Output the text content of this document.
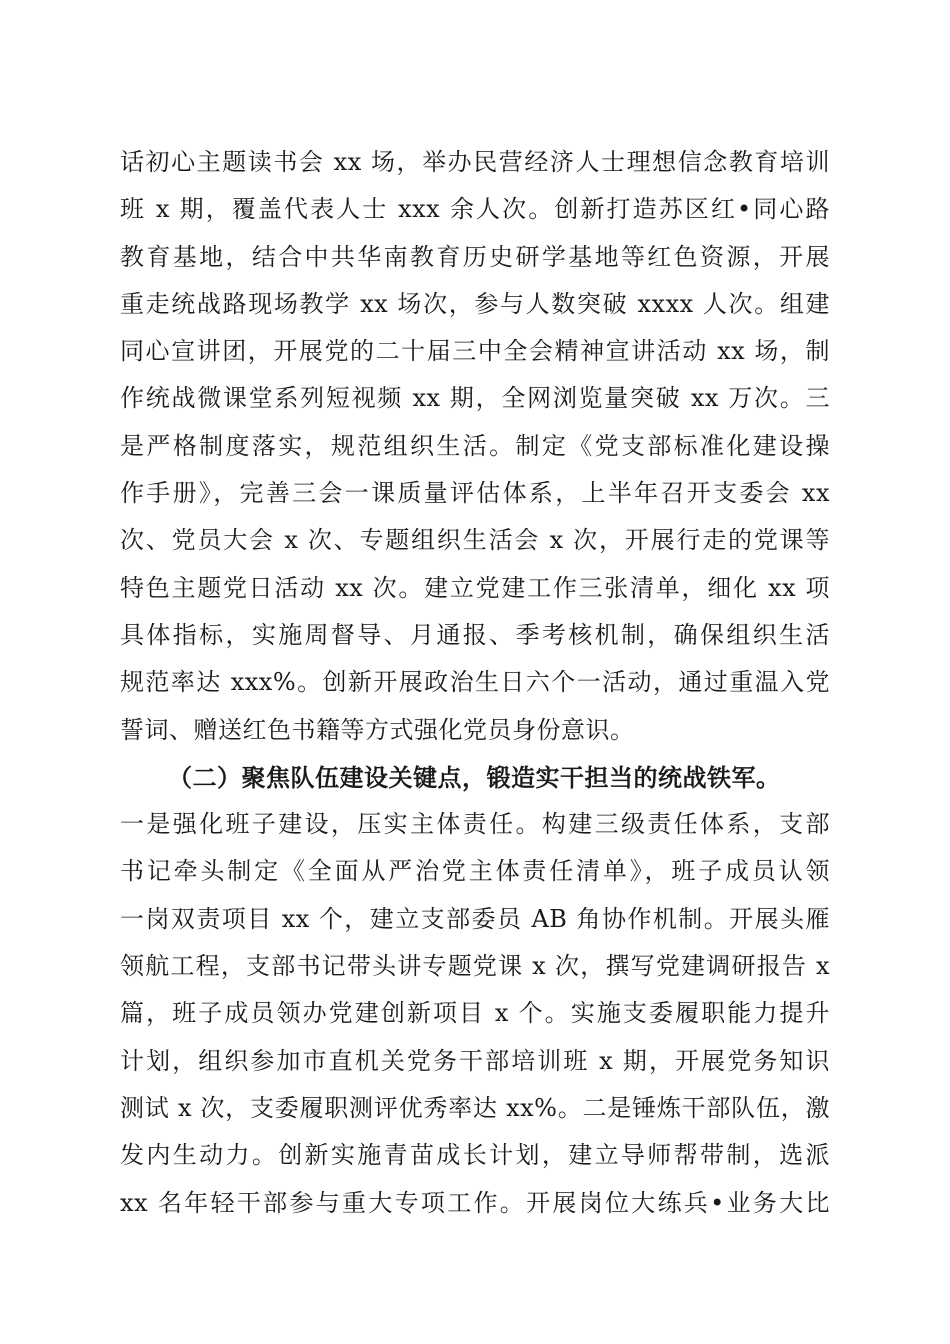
话初心主题读书会 xx 场，举办民营经济人士理想信念教育培训
班 x 期，覆盖代表人士 xxx 余人次。创新打造苏区红•同心路
教育基地，结合中共华南教育历史研学基地等红色资源，开展
重走统战路现场教学 xx 场次，参与人数突破 xxxx 人次。组建
同心宣讲团，开展党的二十届三中全会精神宣讲活动 xx 场，制
作统战微课堂系列短视频 xx 期，全网浏览量突破 xx 万次。三
是严格制度落实，规范组织生活。制定《党支部标准化建设操
作手册》，完善三会一课质量评估体系，上半年召开支委会 xx
次、党员大会 x 次、专题组织生活会 x 次，开展行走的党课等
特色主题党日活动 xx 次。建立党建工作三张清单，细化 xx 项
具体指标，实施周督导、月通报、季考核机制，确保组织生活
规范率达 xxx%。创新开展政治生日六个一活动，通过重温入党
誓词、赠送红色书籍等方式强化党员身份意识。
（二）聚焦队伍建设关键点，锻造实干担当的统战铁军。
一是强化班子建设，压实主体责任。构建三级责任体系，支部
书记牵头制定《全面从严治党主体责任清单》，班子成员认领
一岗双责项目 xx 个，建立支部委员 AB 角协作机制。开展头雁
领航工程，支部书记带头讲专题党课 x 次，撰写党建调研报告 x
篇，班子成员领办党建创新项目 x 个。实施支委履职能力提升
计划，组织参加市直机关党务干部培训班 x 期，开展党务知识
测试 x 次，支委履职测评优秀率达 xx%。二是锤炼干部队伍，激
发内生动力。创新实施青苗成长计划，建立导师帮带制，选派
xx 名年轻干部参与重大专项工作。开展岗位大练兵•业务大比
